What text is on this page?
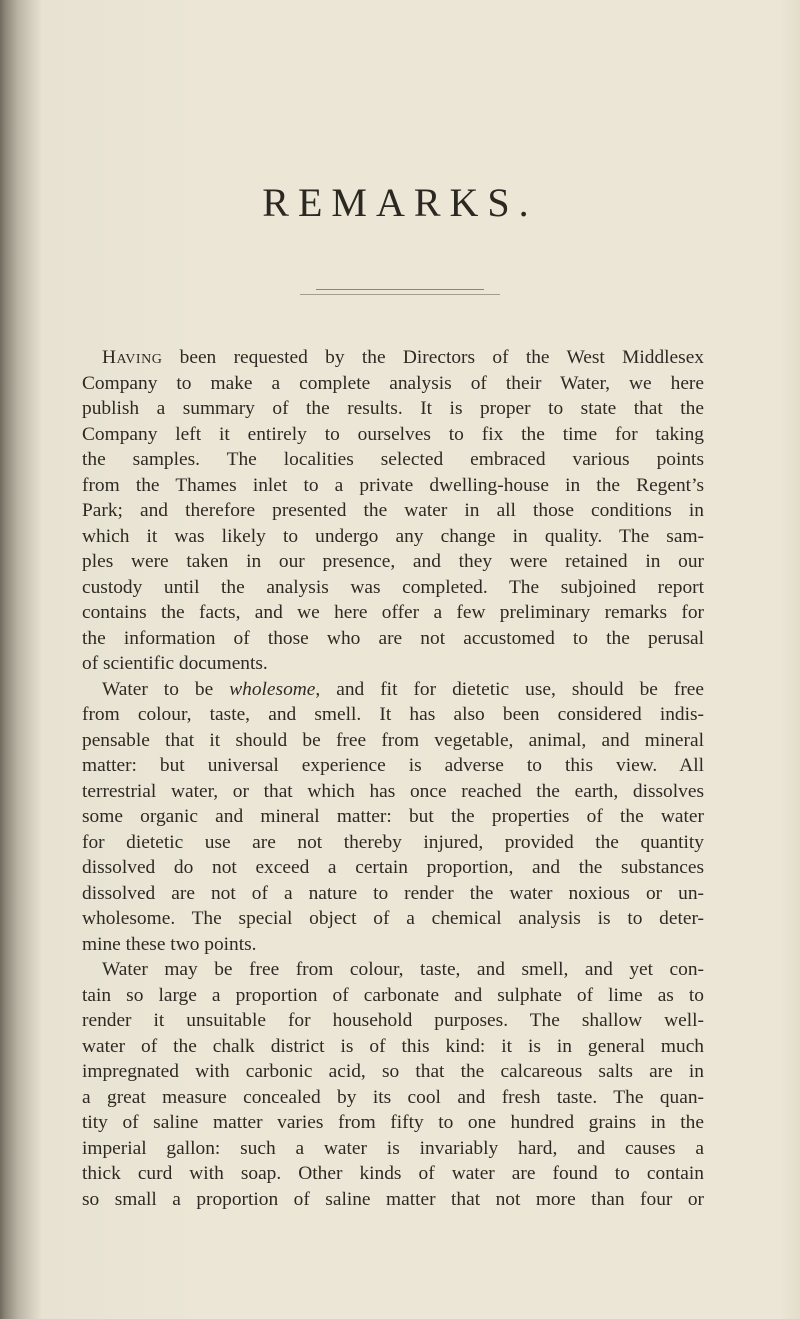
REMARKS.
Having been requested by the Directors of the West Middlesex
Company to make a complete analysis of their Water, we here
publish a summary of the results. It is proper to state that the
Company left it entirely to ourselves to fix the time for taking
the samples. The localities selected embraced various points
from the Thames inlet to a private dwelling-house in the Regent’s
Park; and therefore presented the water in all those conditions in
which it was likely to undergo any change in quality. The sam-
ples were taken in our presence, and they were retained in our
custody until the analysis was completed. The subjoined report
contains the facts, and we here offer a few preliminary remarks for
the information of those who are not accustomed to the perusal
of scientific documents.
Water to be wholesome, and fit for dietetic use, should be free
from colour, taste, and smell. It has also been considered indis-
pensable that it should be free from vegetable, animal, and mineral
matter: but universal experience is adverse to this view. All
terrestrial water, or that which has once reached the earth, dissolves
some organic and mineral matter: but the properties of the water
for dietetic use are not thereby injured, provided the quantity
dissolved do not exceed a certain proportion, and the substances
dissolved are not of a nature to render the water noxious or un-
wholesome. The special object of a chemical analysis is to deter-
mine these two points.
Water may be free from colour, taste, and smell, and yet con-
tain so large a proportion of carbonate and sulphate of lime as to
render it unsuitable for household purposes. The shallow well-
water of the chalk district is of this kind: it is in general much
impregnated with carbonic acid, so that the calcareous salts are in
a great measure concealed by its cool and fresh taste. The quan-
tity of saline matter varies from fifty to one hundred grains in the
imperial gallon: such a water is invariably hard, and causes a
thick curd with soap. Other kinds of water are found to contain
so small a proportion of saline matter that not more than four or
